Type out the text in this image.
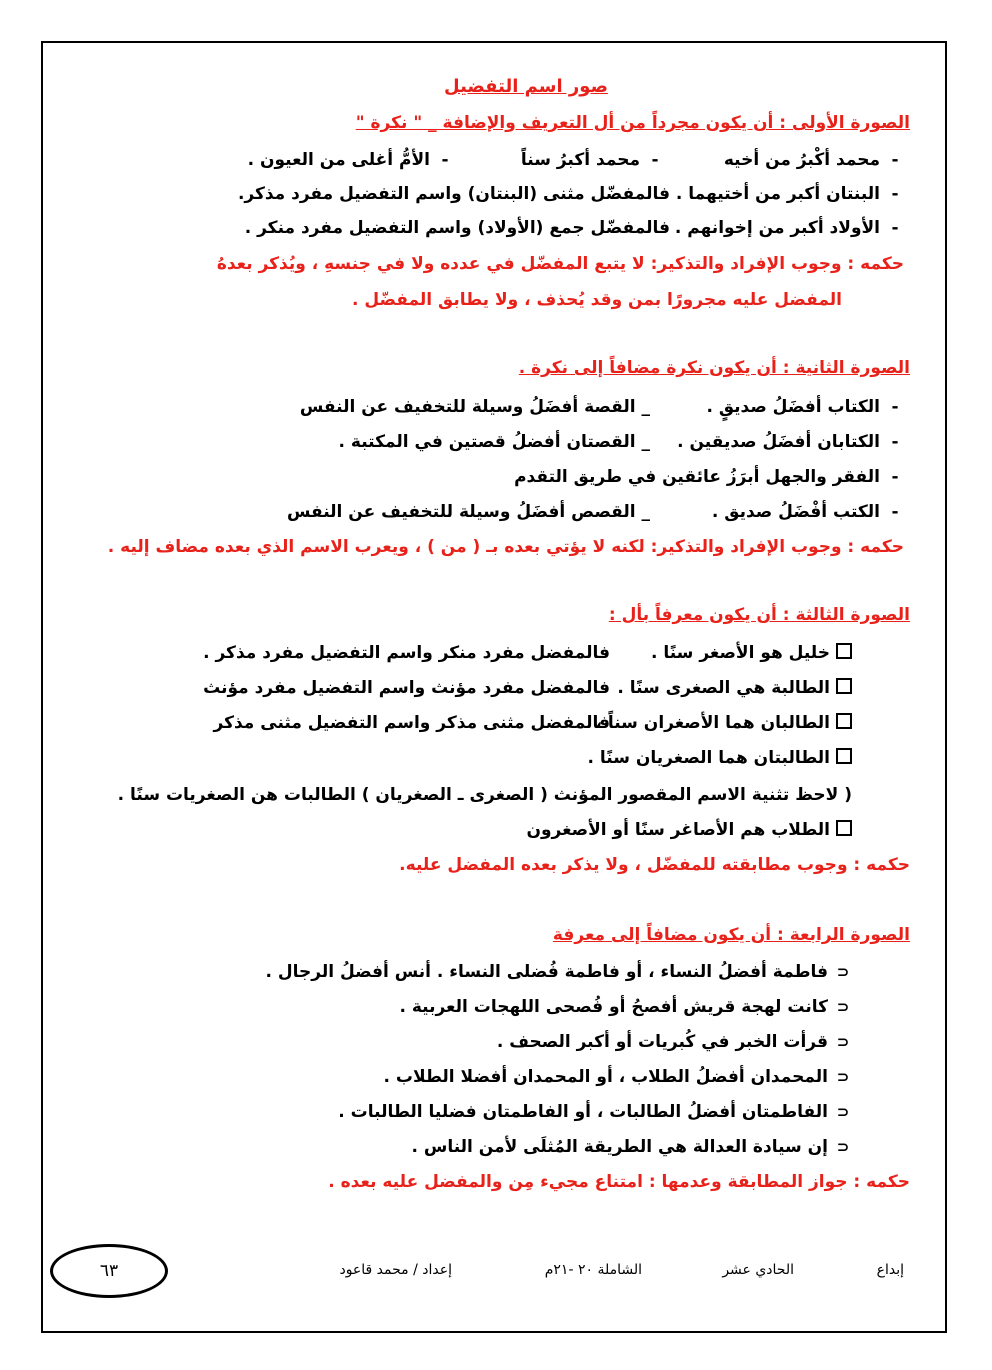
صور اسم التفضيل
الصورة الأولى : أن يكون مجرداً من أل التعريف والإضافة _ " نكرة "
-محمد أكْبرُ من أخيه-محمد أكبرُ سناً-الأمُّ أغلى من العيون .
-البنتان أكبر من أختيهما .فالمفضّل مثنى (البنتان) واسم التفضيل مفرد مذكر.
-الأولاد أكبر من إخوانهم .فالمفضّل جمع (الأولاد) واسم التفضيل مفرد منكر .
حكمه : وجوب الإفراد والتذكير: لا يتبع المفضّل في عدده ولا في جنسهِ ، ويُذكر بعدهُ
المفضل عليه مجرورًا بمن وقد يُحذف ، ولا يطابق المفضّل .
الصورة الثانية : أن يكون نكرة مضافاً إلى نكرة .
-الكتاب أفضَلُ صديقٍ ._ القصة أفضَلُ وسيلة للتخفيف عن النفس
-الكتابان أفضَلُ صديقين ._ القصتان أفضلُ قصتين في المكتبة .
-الفقر والجهل أبرَزُ عائقين في طريق التقدم
-الكتب أفْضَلُ صديق ._ القصص أفضَلُ وسيلة للتخفيف عن النفس
حكمه : وجوب الإفراد والتذكير: لكنه لا يؤتي بعده بـ ( من ) ، ويعرب الاسم الذي بعده مضاف إليه .
الصورة الثالثة : أن يكون معرفاً بأل :
خليل هو الأصغر سنًا .فالمفضل مفرد منكر واسم التفضيل مفرد مذكر .
الطالبة هي الصغرى سنًا .فالمفضل مفرد مؤنث واسم التفضيل مفرد مؤنث
الطالبان هما الأصغران سناً ،فالمفضل مثنى مذكر واسم التفضيل مثنى مذكر
الطالبتان هما الصغريان سنًا .
( لاحظ تثنية الاسم المقصور المؤنث ( الصغرى ـ الصغريان ) الطالبات هن الصغريات سنًا .
الطلاب هم الأصاغر سنًا أو الأصغرون
حكمه : وجوب مطابقته للمفضّل ، ولا يذكر بعده المفضل عليه.
الصورة الرابعة : أن يكون مضافاً إلى معرفة
⊂فاطمة أفضلُ النساء ، أو فاطمة فُضلى النساء . أنس أفضلُ الرجال .
⊂كانت لهجة قريش أفصحُ أو فُصحى اللهجات العربية .
⊂قرأت الخبر في كُبريات أو أكبر الصحف .
⊂المحمدان أفضلُ الطلاب ، أو المحمدان أفضلا الطلاب .
⊂الفاطمتان أفضلُ الطالبات ، أو الفاطمتان فضليا الطالبات .
⊂إن سيادة العدالة هي الطريقة المُثلَى لأمن الناس .
حكمه : جواز المطابقة وعدمها : امتناع مجيء مِن والمفضل عليه بعده .
إبداع
الحادي عشر
الشاملة ٢٠ -٢١م
إعداد / محمد قاعود
٦٣
